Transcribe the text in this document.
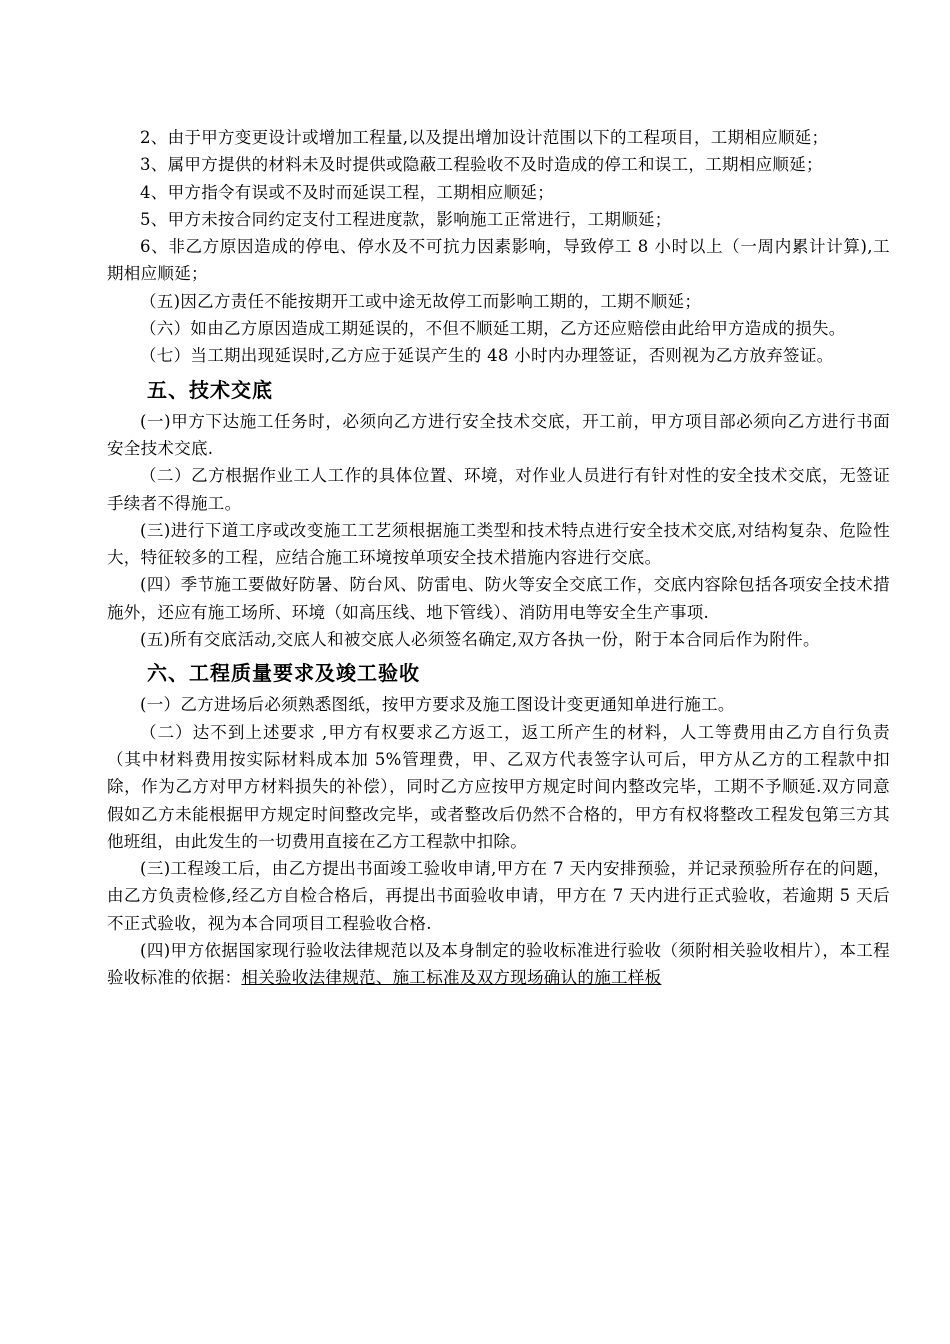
2、由于甲方变更设计或增加工程量,以及提出增加设计范围以下的工程项目，工期相应顺延；

3、属甲方提供的材料未及时提供或隐蔽工程验收不及时造成的停工和误工，工期相应顺延；

4、甲方指令有误或不及时而延误工程，工期相应顺延；

5、甲方未按合同约定支付工程进度款，影响施工正常进行，工期顺延；

6、非乙方原因造成的停电、停水及不可抗力因素影响，导致停工 8 小时以上（一周内累计计算),工期相应顺延；

（五)因乙方责任不能按期开工或中途无故停工而影响工期的，工期不顺延；

（六）如由乙方原因造成工期延误的，不但不顺延工期，乙方还应赔偿由此给甲方造成的损失。

（七）当工期出现延误时,乙方应于延误产生的 48 小时内办理签证，否则视为乙方放弃签证。

五、技术交底

(一)甲方下达施工任务时，必须向乙方进行安全技术交底，开工前，甲方项目部必须向乙方进行书面安全技术交底.

（二）乙方根据作业工人工作的具体位置、环境，对作业人员进行有针对性的安全技术交底，无签证手续者不得施工。

(三)进行下道工序或改变施工工艺须根据施工类型和技术特点进行安全技术交底,对结构复杂、危险性大，特征较多的工程，应结合施工环境按单项安全技术措施内容进行交底。

(四）季节施工要做好防暑、防台风、防雷电、防火等安全交底工作，交底内容除包括各项安全技术措施外，还应有施工场所、环境（如高压线、地下管线）、消防用电等安全生产事项.

(五)所有交底活动,交底人和被交底人必须签名确定,双方各执一份，附于本合同后作为附件。

六、工程质量要求及竣工验收

(一）乙方进场后必须熟悉图纸，按甲方要求及施工图设计变更通知单进行施工。

（二）达不到上述要求 ,甲方有权要求乙方返工，返工所产生的材料，人工等费用由乙方自行负责（其中材料费用按实际材料成本加 5%管理费，甲、乙双方代表签字认可后，甲方从乙方的工程款中扣除，作为乙方对甲方材料损失的补偿），同时乙方应按甲方规定时间内整改完毕，工期不予顺延.双方同意假如乙方未能根据甲方规定时间整改完毕，或者整改后仍然不合格的，甲方有权将整改工程发包第三方其他班组，由此发生的一切费用直接在乙方工程款中扣除。

(三)工程竣工后，由乙方提出书面竣工验收申请,甲方在 7 天内安排预验，并记录预验所存在的问题，由乙方负责检修,经乙方自检合格后，再提出书面验收申请，甲方在 7 天内进行正式验收，若逾期 5 天后不正式验收，视为本合同项目工程验收合格.

(四)甲方依据国家现行验收法律规范以及本身制定的验收标准进行验收（须附相关验收相片），本工程验收标准的依据：相关验收法律规范、施工标准及双方现场确认的施工样板
